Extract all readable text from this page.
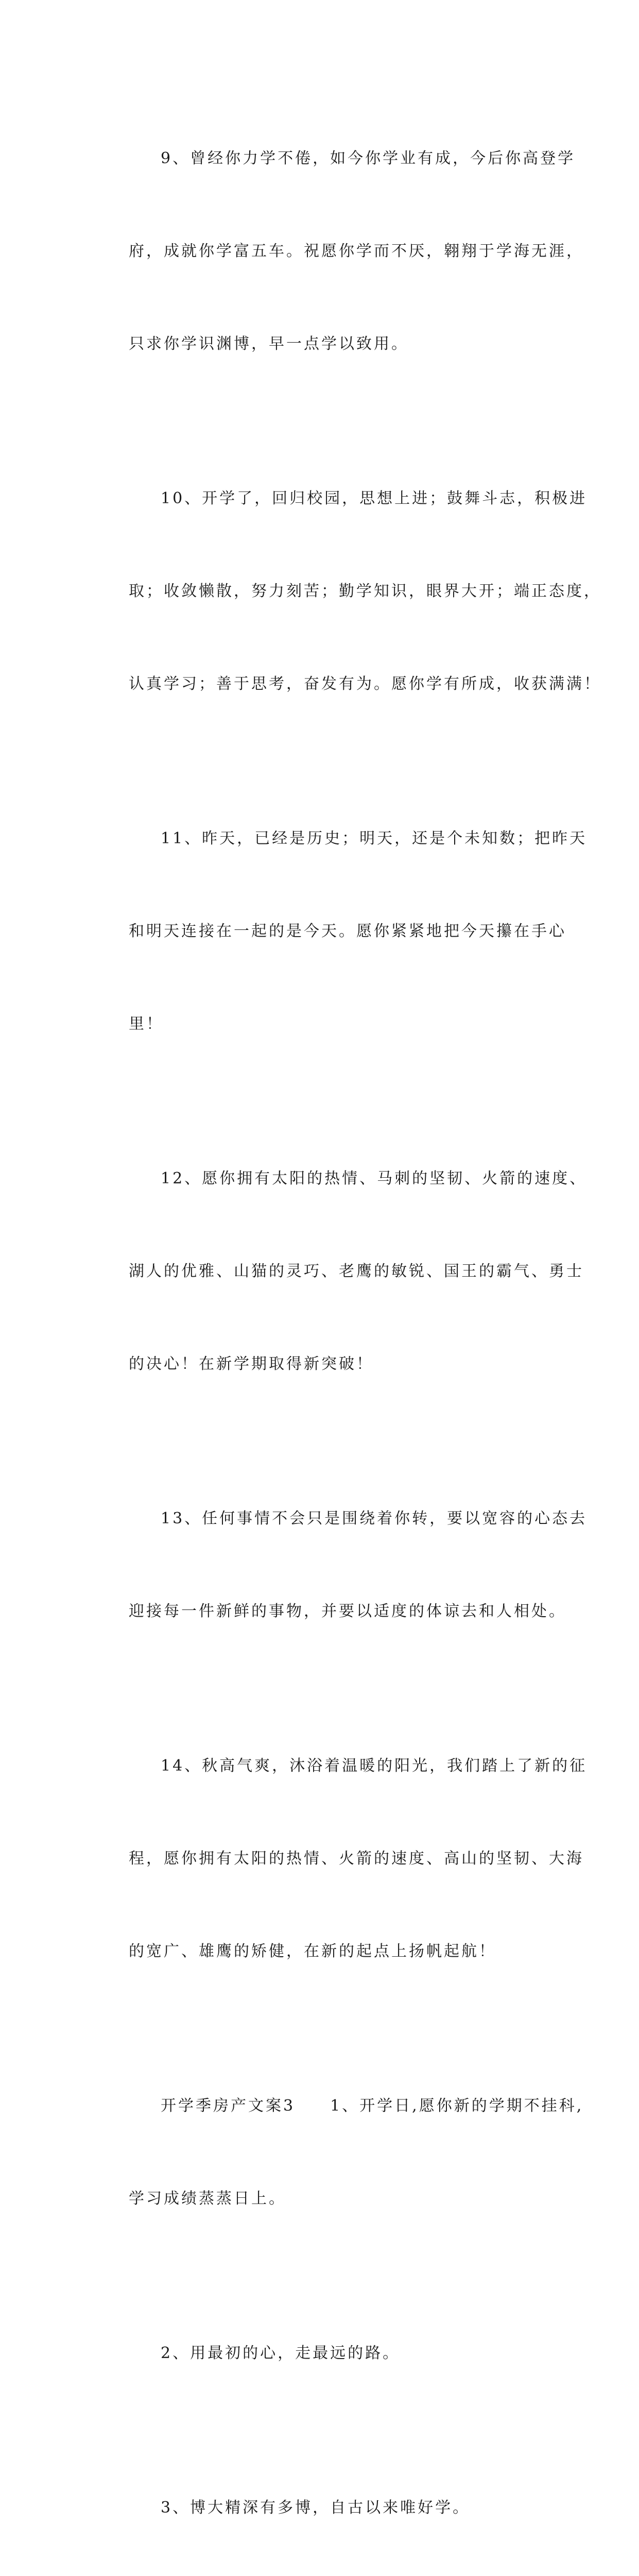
9、曾经你力学不倦，如今你学业有成，今后你高登学

府，成就你学富五车。祝愿你学而不厌，翱翔于学海无涯，

只求你学识渊博，早一点学以致用。

10、开学了，回归校园，思想上进；鼓舞斗志，积极进

取；收敛懒散，努力刻苦；勤学知识，眼界大开；端正态度，

认真学习；善于思考，奋发有为。愿你学有所成，收获满满！

11、昨天，已经是历史；明天，还是个未知数；把昨天

和明天连接在一起的是今天。愿你紧紧地把今天攥在手心

里！

12、愿你拥有太阳的热情、马刺的坚韧、火箭的速度、

湖人的优雅、山猫的灵巧、老鹰的敏锐、国王的霸气、勇士

的决心！在新学期取得新突破！

13、任何事情不会只是围绕着你转，要以宽容的心态去

迎接每一件新鲜的事物，并要以适度的体谅去和人相处。

14、秋高气爽，沐浴着温暖的阳光，我们踏上了新的征

程，愿你拥有太阳的热情、火箭的速度、高山的坚韧、大海

的宽广、雄鹰的矫健，在新的起点上扬帆起航！

开学季房产文案3　　1、开学日,愿你新的学期不挂科,

学习成绩蒸蒸日上。

2、用最初的心，走最远的路。

3、博大精深有多博，自古以来唯好学。
